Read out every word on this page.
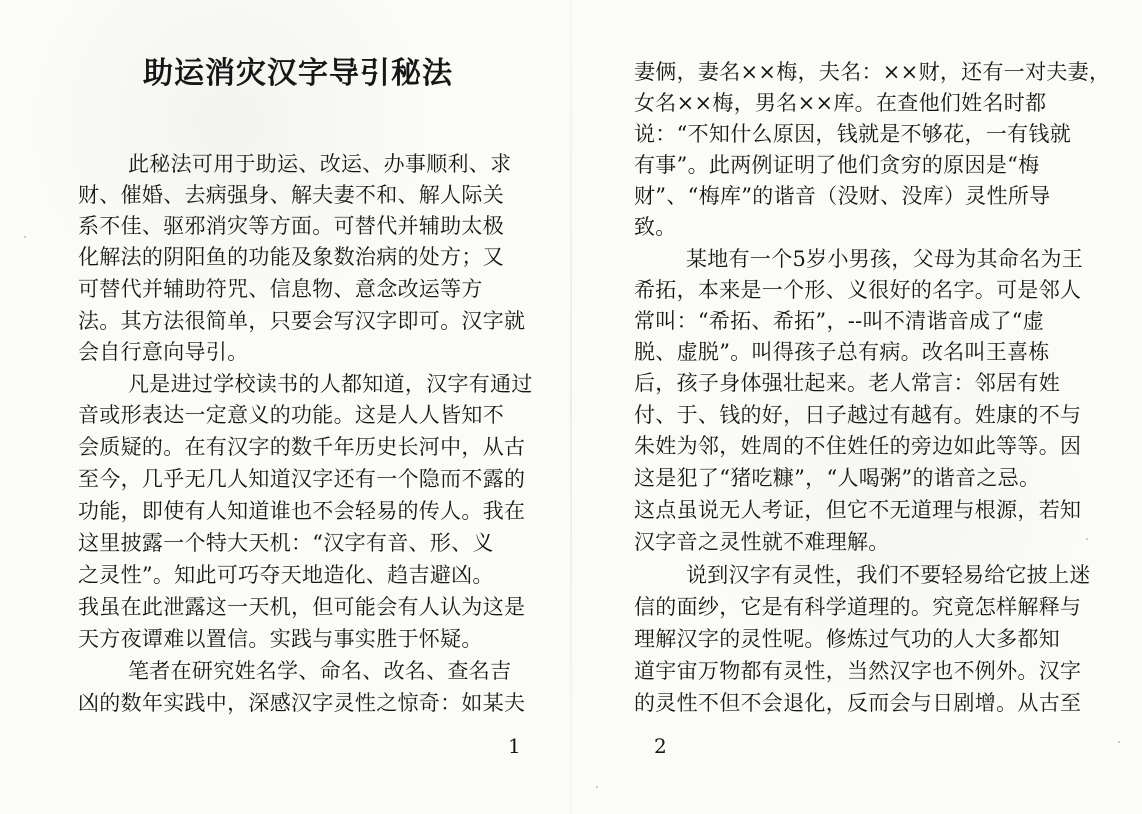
助运消灾汉字导引秘法

此秘法可用于助运、改运、办事顺利、求

财、催婚、去病强身、解夫妻不和、解人际关

系不佳、驱邪消灾等方面。可替代并辅助太极

化解法的阴阳鱼的功能及象数治病的处方；又

可替代并辅助符咒、信息物、意念改运等方

法。其方法很简单，只要会写汉字即可。汉字就

会自行意向导引。

凡是进过学校读书的人都知道，汉字有通过

音或形表达一定意义的功能。这是人人皆知不

会质疑的。在有汉字的数千年历史长河中，从古

至今，几乎无几人知道汉字还有一个隐而不露的

功能，即使有人知道谁也不会轻易的传人。我在

这里披露一个特大天机：“汉字有音、形、义

之灵性”。知此可巧夺天地造化、趋吉避凶。

我虽在此泄露这一天机，但可能会有人认为这是

天方夜谭难以置信。实践与事实胜于怀疑。

笔者在研究姓名学、命名、改名、查名吉

凶的数年实践中，深感汉字灵性之惊奇：如某夫

1

妻俩，妻名××梅，夫名：××财，还有一对夫妻，

女名××梅，男名××库。在查他们姓名时都

说：“不知什么原因，钱就是不够花，一有钱就

有事”。此两例证明了他们贪穷的原因是“梅

财”、“梅库”的谐音（没财、没库）灵性所导

致。

某地有一个5岁小男孩，父母为其命名为王

希拓，本来是一个形、义很好的名字。可是邻人

常叫：“希拓、希拓”，--叫不清谐音成了“虚

脱、虚脱”。叫得孩子总有病。改名叫王喜栋

后，孩子身体强壮起来。老人常言：邻居有姓

付、于、钱的好，日子越过有越有。姓康的不与

朱姓为邻，姓周的不住姓任的旁边如此等等。因

这是犯了“猪吃糠”，“人喝粥”的谐音之忌。

这点虽说无人考证，但它不无道理与根源，若知

汉字音之灵性就不难理解。

说到汉字有灵性，我们不要轻易给它披上迷

信的面纱，它是有科学道理的。究竟怎样解释与

理解汉字的灵性呢。修炼过气功的人大多都知

道宇宙万物都有灵性，当然汉字也不例外。汉字

的灵性不但不会退化，反而会与日剧增。从古至

2
